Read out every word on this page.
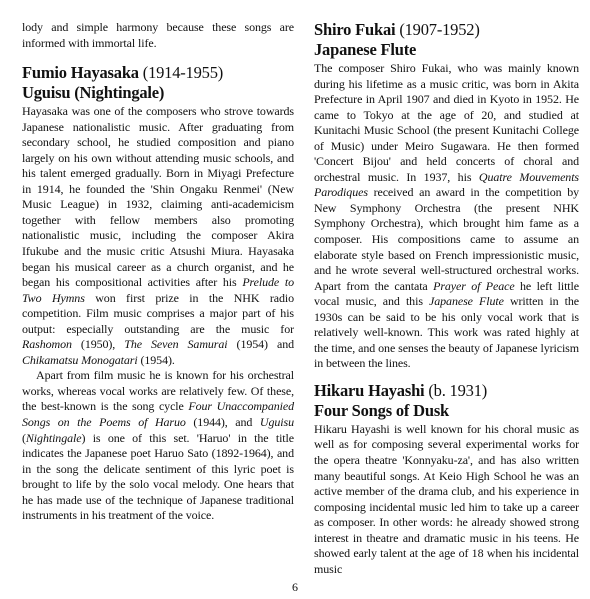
lody and simple harmony because these songs are informed with immortal life.

Fumio Hayasaka (1914-1955)

Uguisu (Nightingale)

Hayasaka was one of the composers who strove towards Japanese nationalistic music. After graduating from secondary school, he studied composition and piano largely on his own without attending music schools, and his talent emerged gradually. Born in Miyagi Prefecture in 1914, he founded the 'Shin Ongaku Renmei' (New Music League) in 1932, claiming anti-academicism together with fellow members also promoting nationalistic music, including the composer Akira Ifukube and the music critic Atsushi Miura. Hayasaka began his musical career as a church organist, and he began his compositional activities after his Prelude to Two Hymns won first prize in the NHK radio competition. Film music comprises a major part of his output: especially outstanding are the music for Rashomon (1950), The Seven Samurai (1954) and Chikamatsu Monogatari (1954).

Apart from film music he is known for his orchestral works, whereas vocal works are relatively few. Of these, the best-known is the song cycle Four Unaccompanied Songs on the Poems of Haruo (1944), and Uguisu (Nightingale) is one of this set. 'Haruo' in the title indicates the Japanese poet Haruo Sato (1892-1964), and in the song the delicate sentiment of this lyric poet is brought to life by the solo vocal melody. One hears that he has made use of the technique of Japanese traditional instruments in his treatment of the voice.

Shiro Fukai (1907-1952)

Japanese Flute

The composer Shiro Fukai, who was mainly known during his lifetime as a music critic, was born in Akita Prefecture in April 1907 and died in Kyoto in 1952. He came to Tokyo at the age of 20, and studied at Kunitachi Music School (the present Kunitachi College of Music) under Meiro Sugawara. He then formed 'Concert Bijou' and held concerts of choral and orchestral music. In 1937, his Quatre Mouvements Parodiques received an award in the competition by New Symphony Orchestra (the present NHK Symphony Orchestra), which brought him fame as a composer. His compositions came to assume an elaborate style based on French impressionistic music, and he wrote several well-structured orchestral works. Apart from the cantata Prayer of Peace he left little vocal music, and this Japanese Flute written in the 1930s can be said to be his only vocal work that is relatively well-known. This work was rated highly at the time, and one senses the beauty of Japanese lyricism in between the lines.

Hikaru Hayashi (b. 1931)

Four Songs of Dusk

Hikaru Hayashi is well known for his choral music as well as for composing several experimental works for the opera theatre 'Konnyaku-za', and has also written many beautiful songs. At Keio High School he was an active member of the drama club, and his experience in composing incidental music led him to take up a career as composer. In other words: he already showed strong interest in theatre and dramatic music in his teens. He showed early talent at the age of 18 when his incidental music

6
